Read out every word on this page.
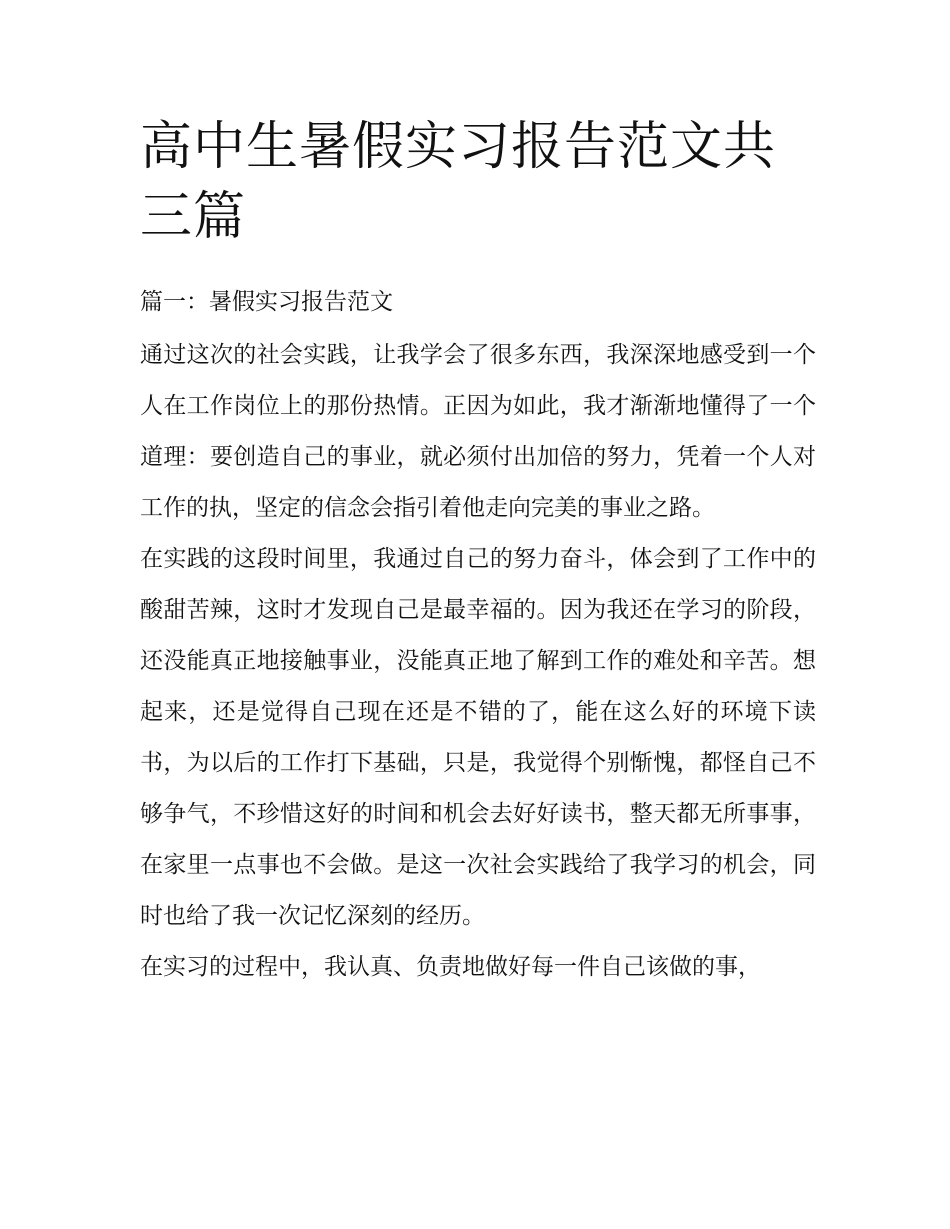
高中生暑假实习报告范文共三篇

篇一：暑假实习报告范文

通过这次的社会实践，让我学会了很多东西，我深深地感受到一个人在工作岗位上的那份热情。正因为如此，我才渐渐地懂得了一个道理：要创造自己的事业，就必须付出加倍的努力，凭着一个人对工作的执，坚定的信念会指引着他走向完美的事业之路。

在实践的这段时间里，我通过自己的努力奋斗，体会到了工作中的酸甜苦辣，这时才发现自己是最幸福的。因为我还在学习的阶段，还没能真正地接触事业，没能真正地了解到工作的难处和辛苦。想起来，还是觉得自己现在还是不错的了，能在这么好的环境下读书，为以后的工作打下基础，只是，我觉得个别惭愧，都怪自己不够争气，不珍惜这好的时间和机会去好好读书，整天都无所事事，在家里一点事也不会做。是这一次社会实践给了我学习的机会，同时也给了我一次记忆深刻的经历。

在实习的过程中，我认真、负责地做好每一件自己该做的事，
